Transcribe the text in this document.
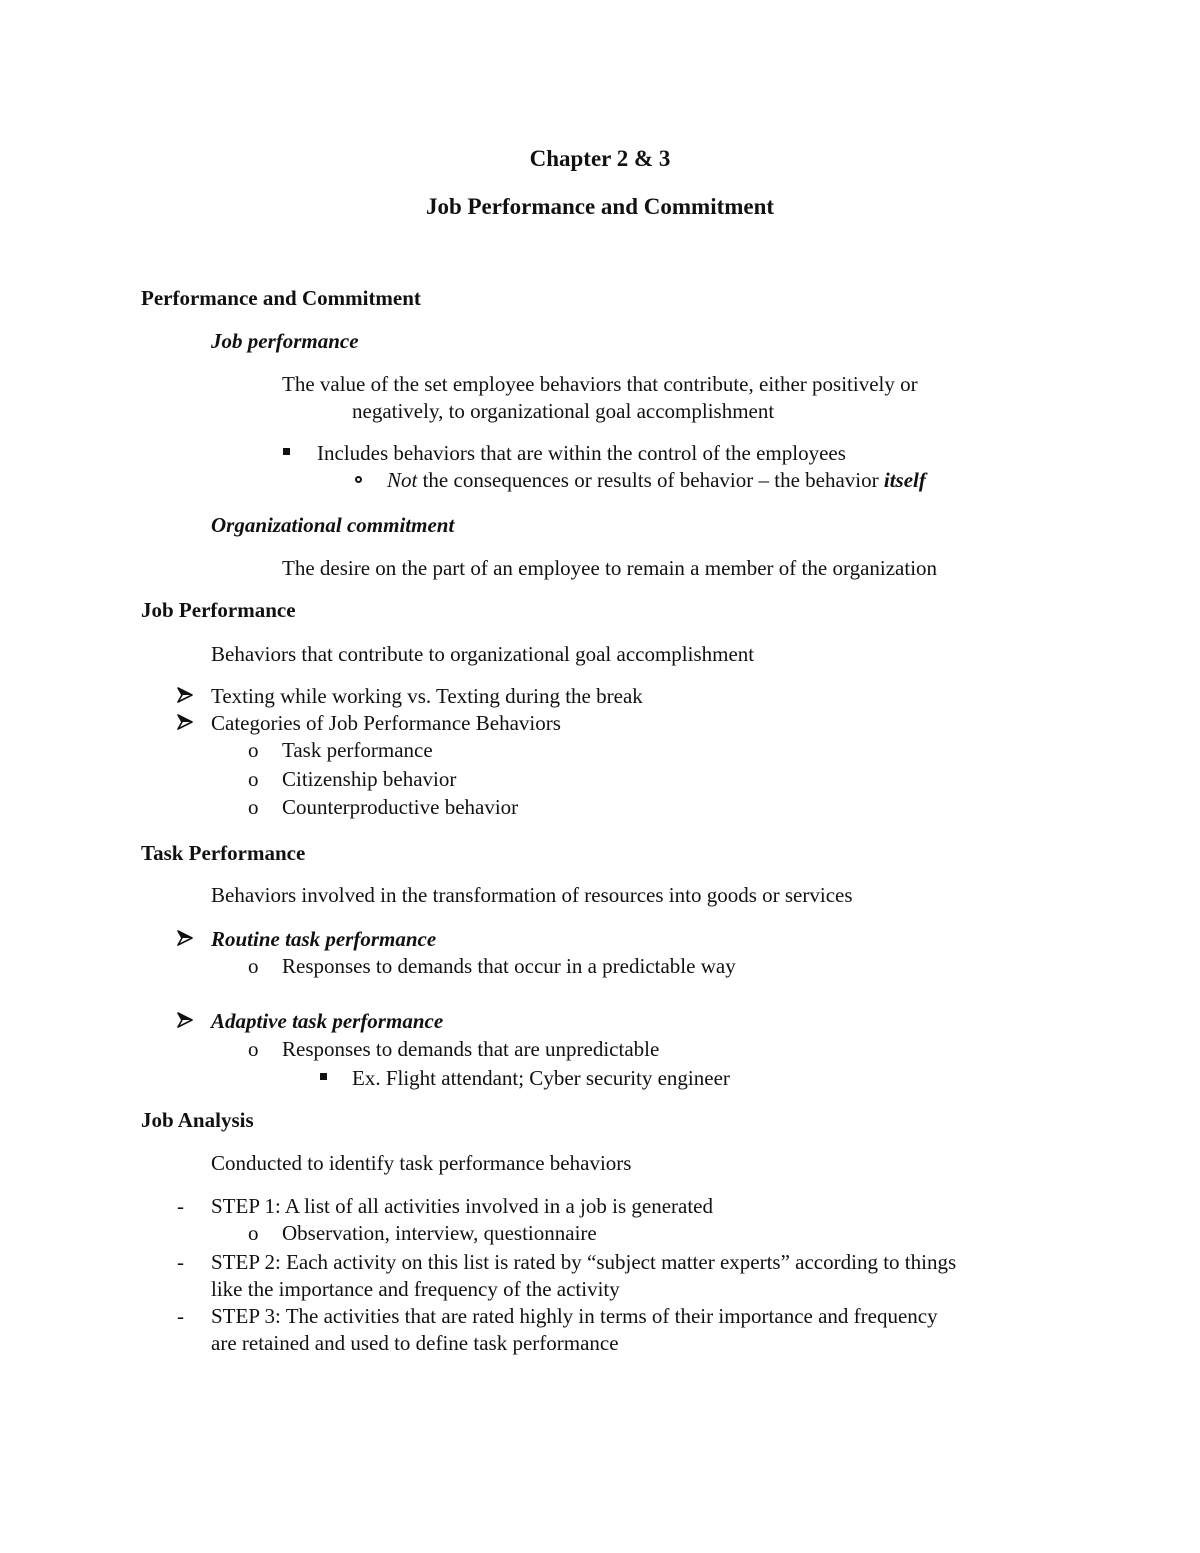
Chapter 2 & 3
Job Performance and Commitment
Performance and Commitment
Job performance
The value of the set employee behaviors that contribute, either positively or
negatively, to organizational goal accomplishment
Includes behaviors that are within the control of the employees
Not the consequences or results of behavior – the behavior itself
Organizational commitment
The desire on the part of an employee to remain a member of the organization
Job Performance
Behaviors that contribute to organizational goal accomplishment
Texting while working vs. Texting during the break
Categories of Job Performance Behaviors
o Task performance
o Citizenship behavior
o Counterproductive behavior
Task Performance
Behaviors involved in the transformation of resources into goods or services
Routine task performance
o Responses to demands that occur in a predictable way
Adaptive task performance
o Responses to demands that are unpredictable
Ex. Flight attendant; Cyber security engineer
Job Analysis
Conducted to identify task performance behaviors
- STEP 1: A list of all activities involved in a job is generated
o Observation, interview, questionnaire
- STEP 2: Each activity on this list is rated by “subject matter experts” according to things
like the importance and frequency of the activity
- STEP 3: The activities that are rated highly in terms of their importance and frequency
are retained and used to define task performance
